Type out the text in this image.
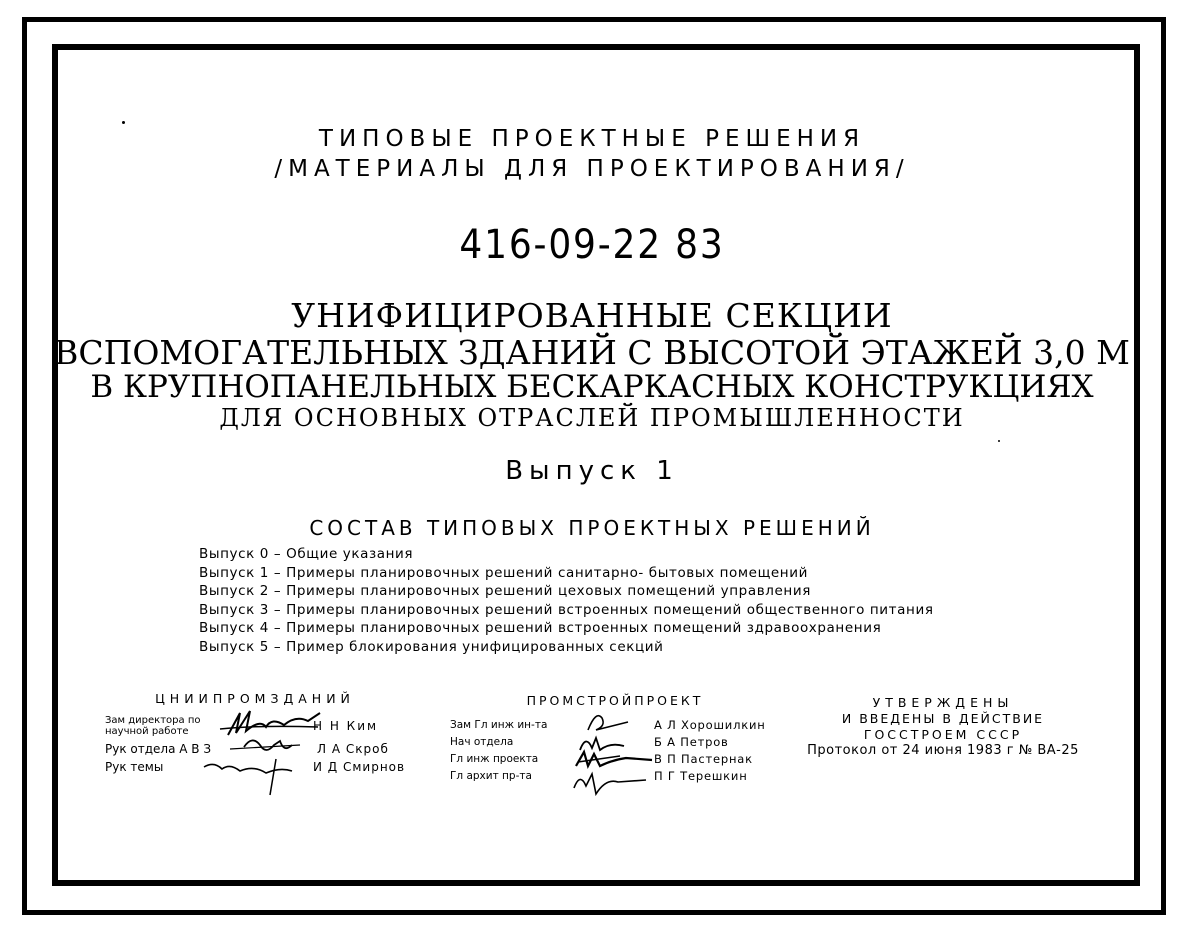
ТИПОВЫЕ ПРОЕКТНЫЕ РЕШЕНИЯ
/МАТЕРИАЛЫ ДЛЯ ПРОЕКТИРОВАНИЯ/
416-09-22 83
УНИФИЦИРОВАННЫЕ СЕКЦИИ
ВСПОМОГАТЕЛЬНЫХ ЗДАНИЙ С ВЫСОТОЙ ЭТАЖЕЙ 3,0 М
В КРУПНОПАНЕЛЬНЫХ БЕСКАРКАСНЫХ КОНСТРУКЦИЯХ
ДЛЯ ОСНОВНЫХ ОТРАСЛЕЙ ПРОМЫШЛЕННОСТИ
Выпуск 1
СОСТАВ ТИПОВЫХ ПРОЕКТНЫХ РЕШЕНИЙ
Выпуск 0 – Общие указания
Выпуск 1 – Примеры планировочных решений санитарно- бытовых помещений
Выпуск 2 – Примеры планировочных решений цеховых помещений управления
Выпуск 3 – Примеры планировочных решений встроенных помещений общественного питания
Выпуск 4 – Примеры планировочных решений встроенных помещений здравоохранения
Выпуск 5 – Пример блокирования унифицированных секций
ЦНИИПРОМЗДАНИЙ
Зам директора по научной работе	Н Н Ким
Рук отдела А В З	Л А Скроб
Рук темы	И Д Смирнов
ПРОМСТРОЙПРОЕКТ
Зам Гл инж ин-та	А Л Хорошилкин
Нач отдела	Б А Петров
Гл инж проекта	В П Пастернак
Гл архит пр-та	П Г Терешкин
УТВЕРЖДЕНЫ
И ВВЕДЕНЫ В ДЕЙСТВИЕ
ГОССТРОЕМ СССР
Протокол от 24 июня 1983 г № ВА-25
